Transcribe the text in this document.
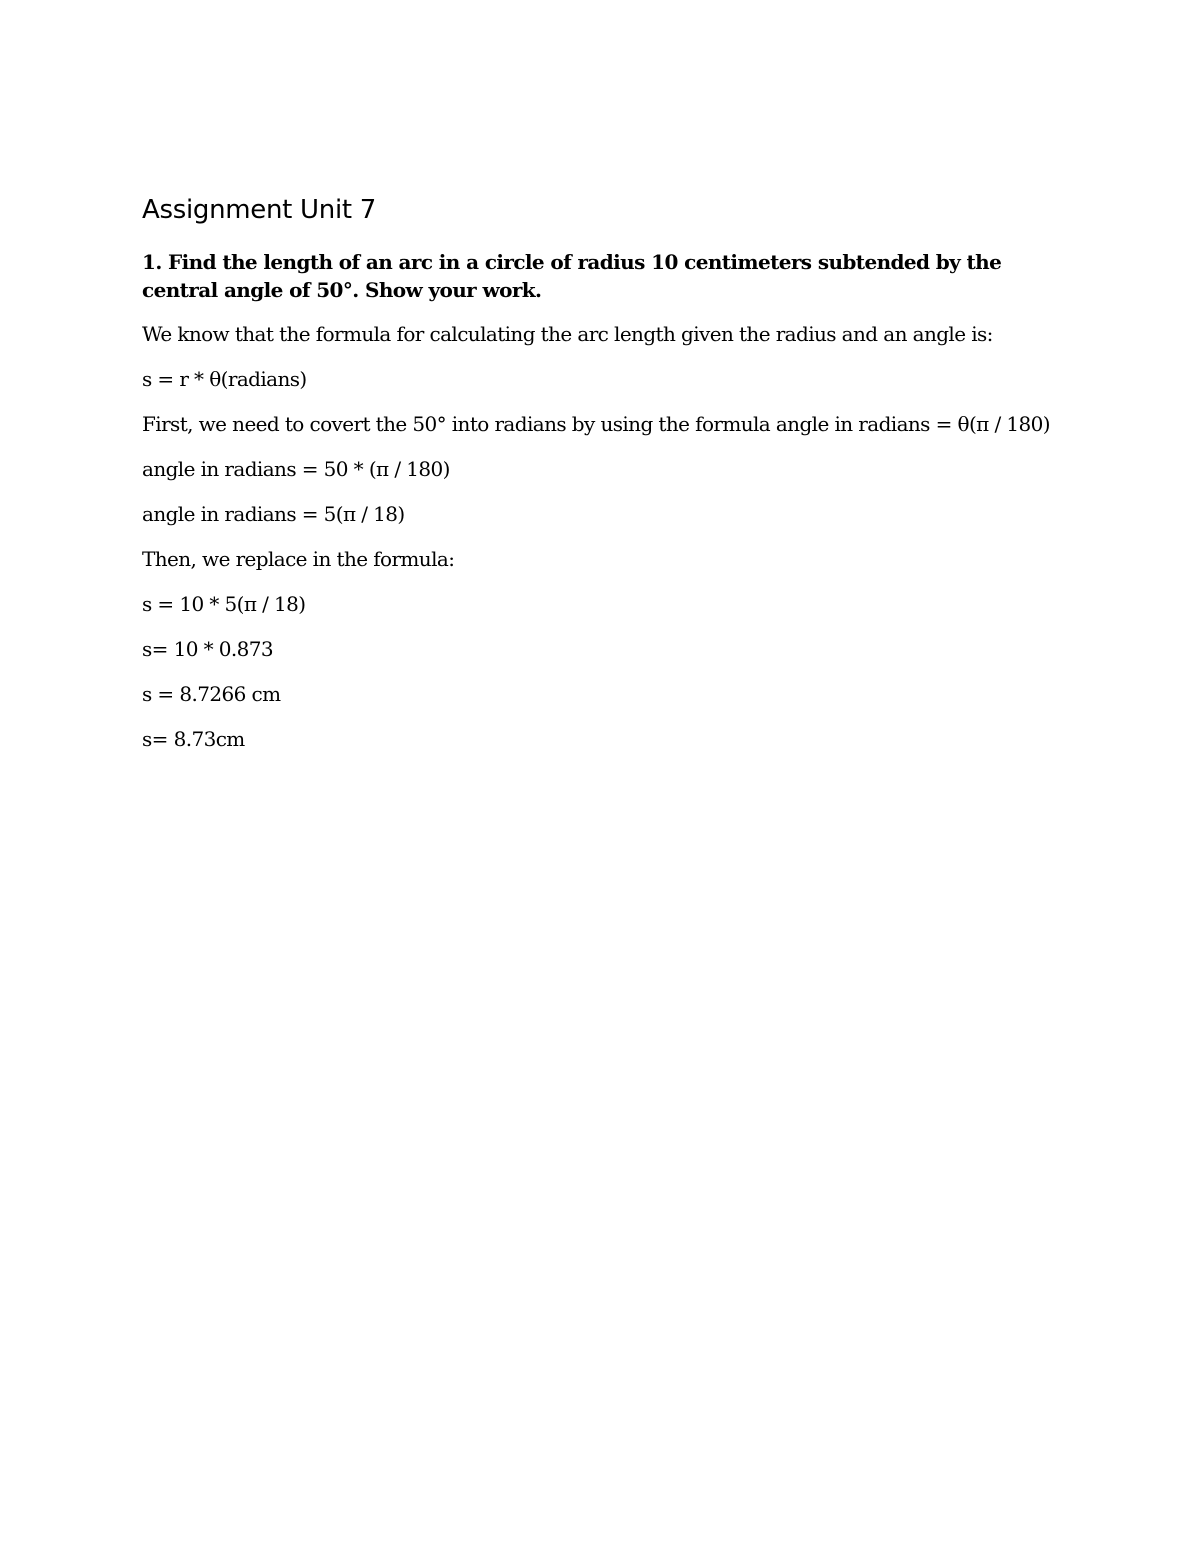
Assignment Unit 7

1. Find the length of an arc in a circle of radius 10 centimeters subtended by the central angle of 50°. Show your work.

We know that the formula for calculating the arc length given the radius and an angle is:

s = r * θ(radians)

First, we need to covert the 50° into radians by using the formula angle in radians = θ(π / 180)

angle in radians = 50 * (π / 180)

angle in radians = 5(π / 18)

Then, we replace in the formula:

s = 10 * 5(π / 18)

s= 10 * 0.873

s = 8.7266 cm

s= 8.73cm
